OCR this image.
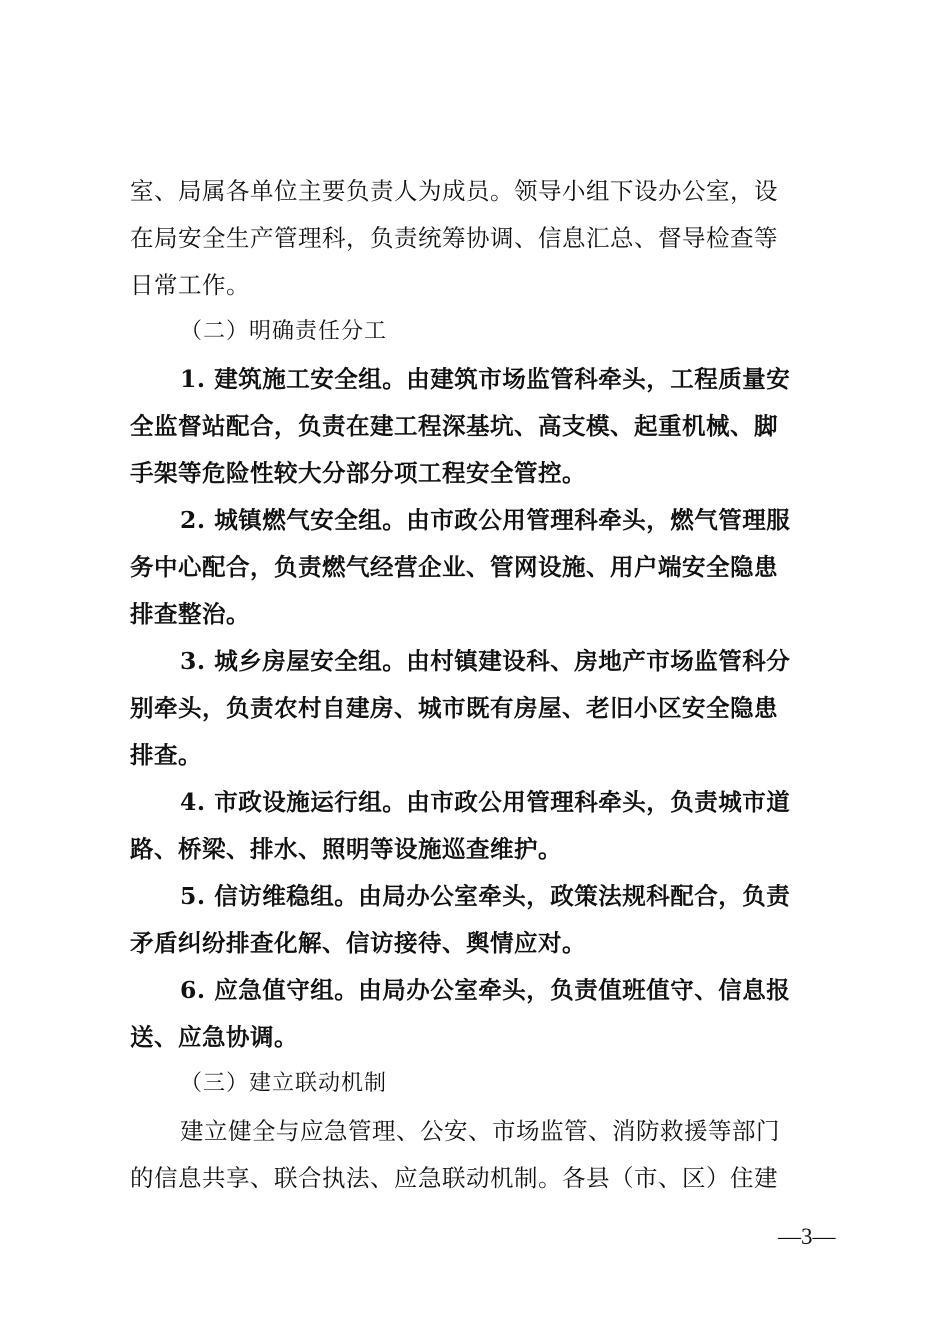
室、局属各单位主要负责人为成员。领导小组下设办公室，设
在局安全生产管理科，负责统筹协调、信息汇总、督导检查等
日常工作。
（二）明确责任分工
1. 建筑施工安全组。由建筑市场监管科牵头，工程质量安
全监督站配合，负责在建工程深基坑、高支模、起重机械、脚
手架等危险性较大分部分项工程安全管控。
2. 城镇燃气安全组。由市政公用管理科牵头，燃气管理服
务中心配合，负责燃气经营企业、管网设施、用户端安全隐患
排查整治。
3. 城乡房屋安全组。由村镇建设科、房地产市场监管科分
别牵头，负责农村自建房、城市既有房屋、老旧小区安全隐患
排查。
4. 市政设施运行组。由市政公用管理科牵头，负责城市道
路、桥梁、排水、照明等设施巡查维护。
5. 信访维稳组。由局办公室牵头，政策法规科配合，负责
矛盾纠纷排查化解、信访接待、舆情应对。
6. 应急值守组。由局办公室牵头，负责值班值守、信息报
送、应急协调。
（三）建立联动机制
建立健全与应急管理、公安、市场监管、消防救援等部门
的信息共享、联合执法、应急联动机制。各县（市、区）住建
—3—
